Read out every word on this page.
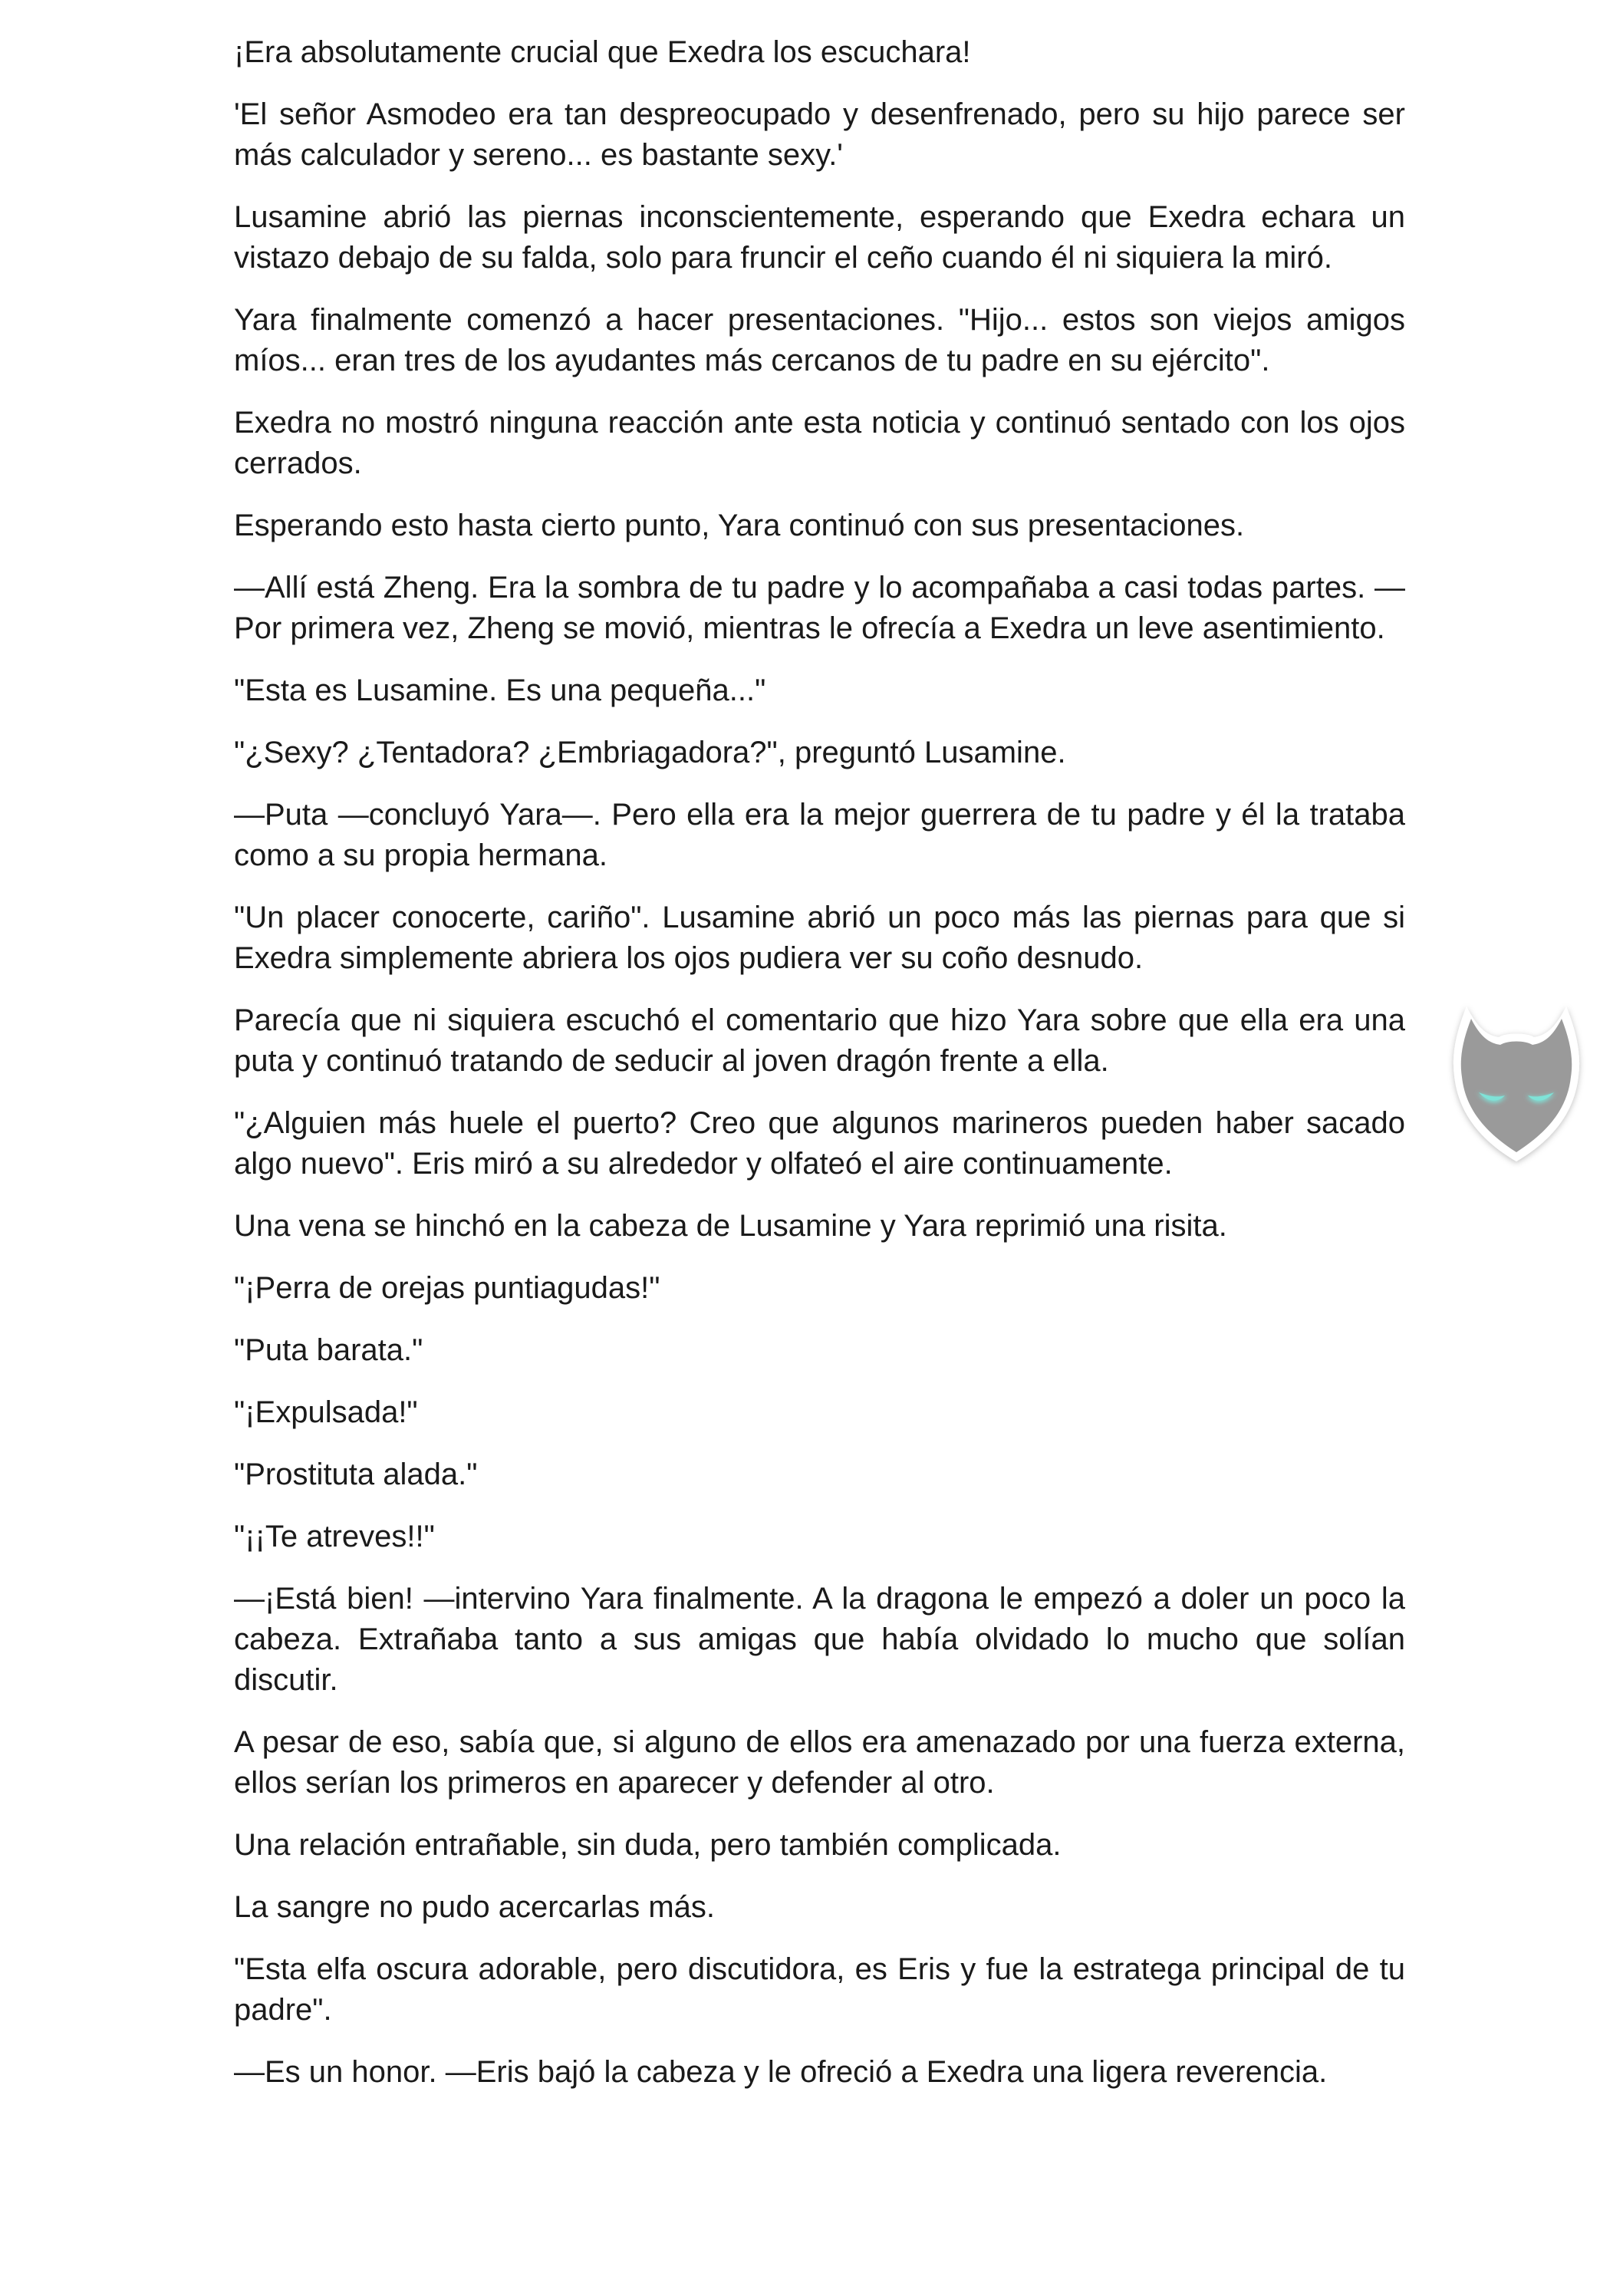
¡Era absolutamente crucial que Exedra los escuchara!

'El señor Asmodeo era tan despreocupado y desenfrenado, pero su hijo parece ser más calculador y sereno... es bastante sexy.'

Lusamine abrió las piernas inconscientemente, esperando que Exedra echara un vistazo debajo de su falda, solo para fruncir el ceño cuando él ni siquiera la miró.

Yara finalmente comenzó a hacer presentaciones. "Hijo... estos son viejos amigos míos... eran tres de los ayudantes más cercanos de tu padre en su ejército".

Exedra no mostró ninguna reacción ante esta noticia y continuó sentado con los ojos cerrados.

Esperando esto hasta cierto punto, Yara continuó con sus presentaciones.

—Allí está Zheng. Era la sombra de tu padre y lo acompañaba a casi todas partes. — Por primera vez, Zheng se movió, mientras le ofrecía a Exedra un leve asentimiento.

"Esta es Lusamine. Es una pequeña..."

"¿Sexy? ¿Tentadora? ¿Embriagadora?", preguntó Lusamine.

—Puta —concluyó Yara—. Pero ella era la mejor guerrera de tu padre y él la trataba como a su propia hermana.

"Un placer conocerte, cariño". Lusamine abrió un poco más las piernas para que si Exedra simplemente abriera los ojos pudiera ver su coño desnudo.

Parecía que ni siquiera escuchó el comentario que hizo Yara sobre que ella era una puta y continuó tratando de seducir al joven dragón frente a ella.

"¿Alguien más huele el puerto? Creo que algunos marineros pueden haber sacado algo nuevo". Eris miró a su alrededor y olfateó el aire continuamente.

Una vena se hinchó en la cabeza de Lusamine y Yara reprimió una risita.

"¡Perra de orejas puntiagudas!"

"Puta barata."

"¡Expulsada!"

"Prostituta alada."

"¡¡Te atreves!!"

—¡Está bien! —intervino Yara finalmente. A la dragona le empezó a doler un poco la cabeza. Extrañaba tanto a sus amigas que había olvidado lo mucho que solían discutir.

A pesar de eso, sabía que, si alguno de ellos era amenazado por una fuerza externa, ellos serían los primeros en aparecer y defender al otro.

Una relación entrañable, sin duda, pero también complicada.

La sangre no pudo acercarlas más.

"Esta elfa oscura adorable, pero discutidora, es Eris y fue la estratega principal de tu padre".

—Es un honor. —Eris bajó la cabeza y le ofreció a Exedra una ligera reverencia.
